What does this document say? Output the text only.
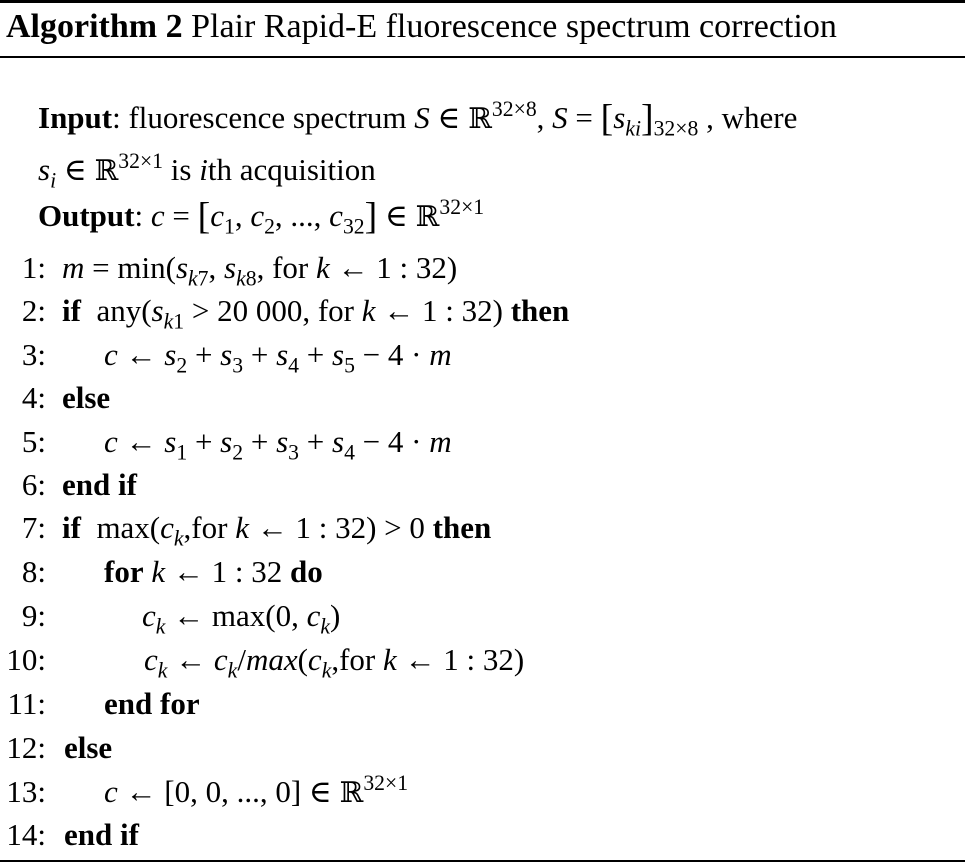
Algorithm 2 Plair Rapid-E fluorescence spectrum correction
Input: fluorescence spectrum S ∈ ℝ$^{32\times 8}$, $S = [s_{ki}]_{32\times 8}$ , where
$s_i$ ∈ ℝ$^{32\times 1}$ is ith acquisition
Output: $c = [c_1$, $c_2$, ..., $c_{32}$] ∈ ℝ$^{32\times 1}$
1: $m = \min(s_{k7}$, $s_{k8}$, for k ← 1 : 32)
2: if $any(s_{k1} > 20$ 000, for k ← 1 : 32) then
3: c ← $s_2 + s_3 + s_4 + s_5 - 4 \cdot m$
4: else
5: c ← $s_1 + s_2 + s_3 + s_4 - 4 \cdot m$
6: end if
7: if $\max(c_k,for$ k ← 1 : 32) > 0 then
8: for k ← 1 : 32 do
9:	$c_k$ ← max(0, $c_k$)
10:	$c_k$ ← $c_k/\max(c_k,for$ k ← 1 : 32)
11: end for
12: else
13: c ← [0, 0, ..., 0] ∈ ℝ$^{32\times 1}$
14: end if
